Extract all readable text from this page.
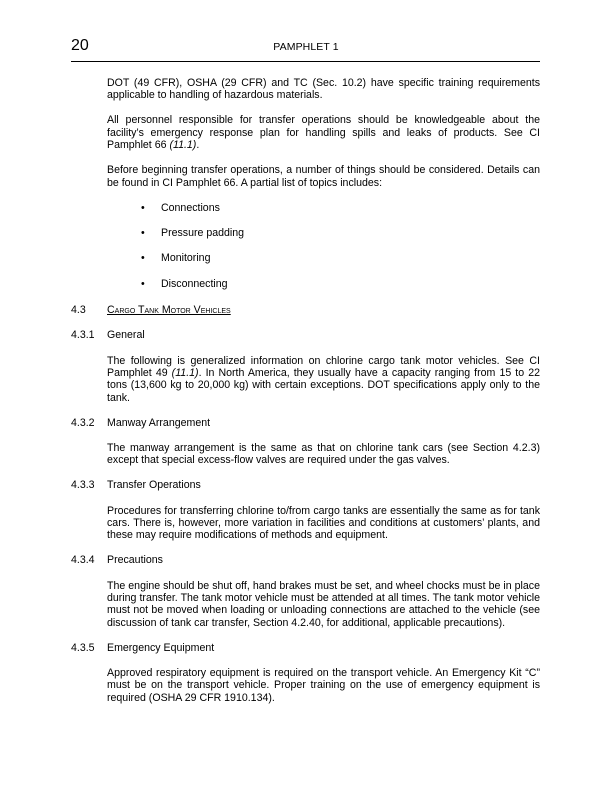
20	PAMPHLET 1

DOT (49 CFR), OSHA (29 CFR) and TC (Sec. 10.2) have specific training requirements applicable to handling of hazardous materials.

All personnel responsible for transfer operations should be knowledgeable about the facility’s emergency response plan for handling spills and leaks of products. See CI Pamphlet 66 (11.1).

Before beginning transfer operations, a number of things should be considered. Details can be found in CI Pamphlet 66. A partial list of topics includes:

• Connections
• Pressure padding
• Monitoring
• Disconnecting
4.3	Cargo Tank Motor Vehicles
4.3.1	General

The following is generalized information on chlorine cargo tank motor vehicles. See CI Pamphlet 49 (11.1). In North America, they usually have a capacity ranging from 15 to 22 tons (13,600 kg to 20,000 kg) with certain exceptions. DOT specifications apply only to the tank.

4.3.2	Manway Arrangement

The manway arrangement is the same as that on chlorine tank cars (see Section 4.2.3) except that special excess-flow valves are required under the gas valves.

4.3.3	Transfer Operations

Procedures for transferring chlorine to/from cargo tanks are essentially the same as for tank cars. There is, however, more variation in facilities and conditions at customers’ plants, and these may require modifications of methods and equipment.

4.3.4	Precautions

The engine should be shut off, hand brakes must be set, and wheel chocks must be in place during transfer. The tank motor vehicle must be attended at all times. The tank motor vehicle must not be moved when loading or unloading connections are attached to the vehicle (see discussion of tank car transfer, Section 4.2.40, for additional, applicable precautions).

4.3.5	Emergency Equipment

Approved respiratory equipment is required on the transport vehicle. An Emergency Kit “C” must be on the transport vehicle. Proper training on the use of emergency equipment is required (OSHA 29 CFR 1910.134).
